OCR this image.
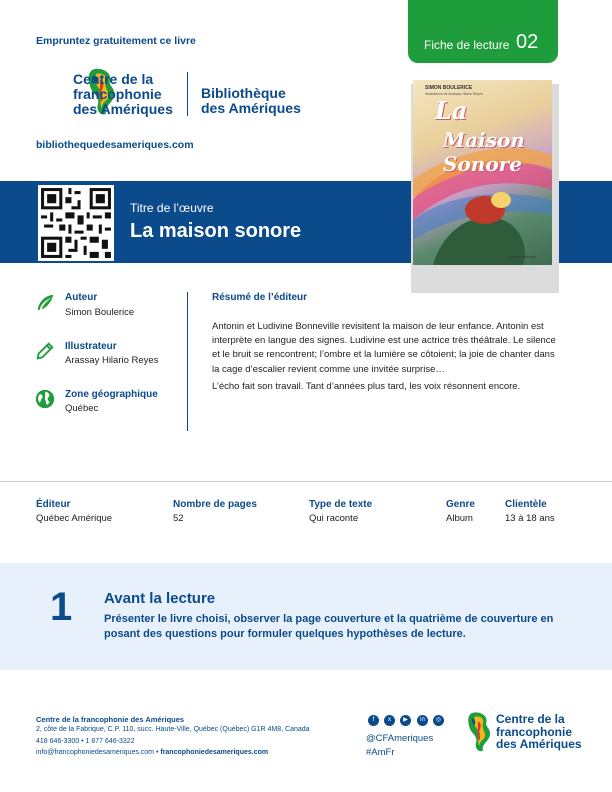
Empruntez gratuitement ce livre	Fiche de lecture 02
Centre de la
francophonie
des Amériques
Bibliothèque
des Amériques
bibliothequedesameriques.com
Titre de l’œuvre
La maison sonore
SIMON BOULERICE
Illustrations de Arassay Hilario Reyes
La
Maison Sonore
Québec Amérique
Auteur
Simon Boulerice
Illustrateur
Arassay Hilario Reyes
Zone géographique
Québec
Résumé de l’éditeur
Antonin et Ludivine Bonneville revisitent la maison de leur enfance. Antonin est interprète en langue des signes. Ludivine est une actrice très théâtrale. Le silence et le bruit se rencontrent; l’ombre et la lumière se côtoient; la joie de chanter dans la cage d’escalier revient comme une invitée surprise…
L’écho fait son travail. Tant d’années plus tard, les voix résonnent encore.
Éditeur
Québec Amérique
Nombre de pages
52
Type de texte
Qui raconte
Genre
Album
Clientèle
13 à 18 ans
1 Avant la lecture
Présenter le livre choisi, observer la page couverture et la quatrième de couverture en posant des questions pour formuler quelques hypothèses de lecture.
Centre de la francophonie des Amériques
2, côte de la Fabrique, C.P. 110, succ. Haute-Ville, Québec (Québec) G1R 4M8, Canada
418 646-3300 • 1 877 646-3322
info@francophoniedesameriques.com • francophoniedesameriques.com
f	x	▶	in	◎
@CFAmeriques
#AmFr
Centre de la
francophonie
des Amériques
